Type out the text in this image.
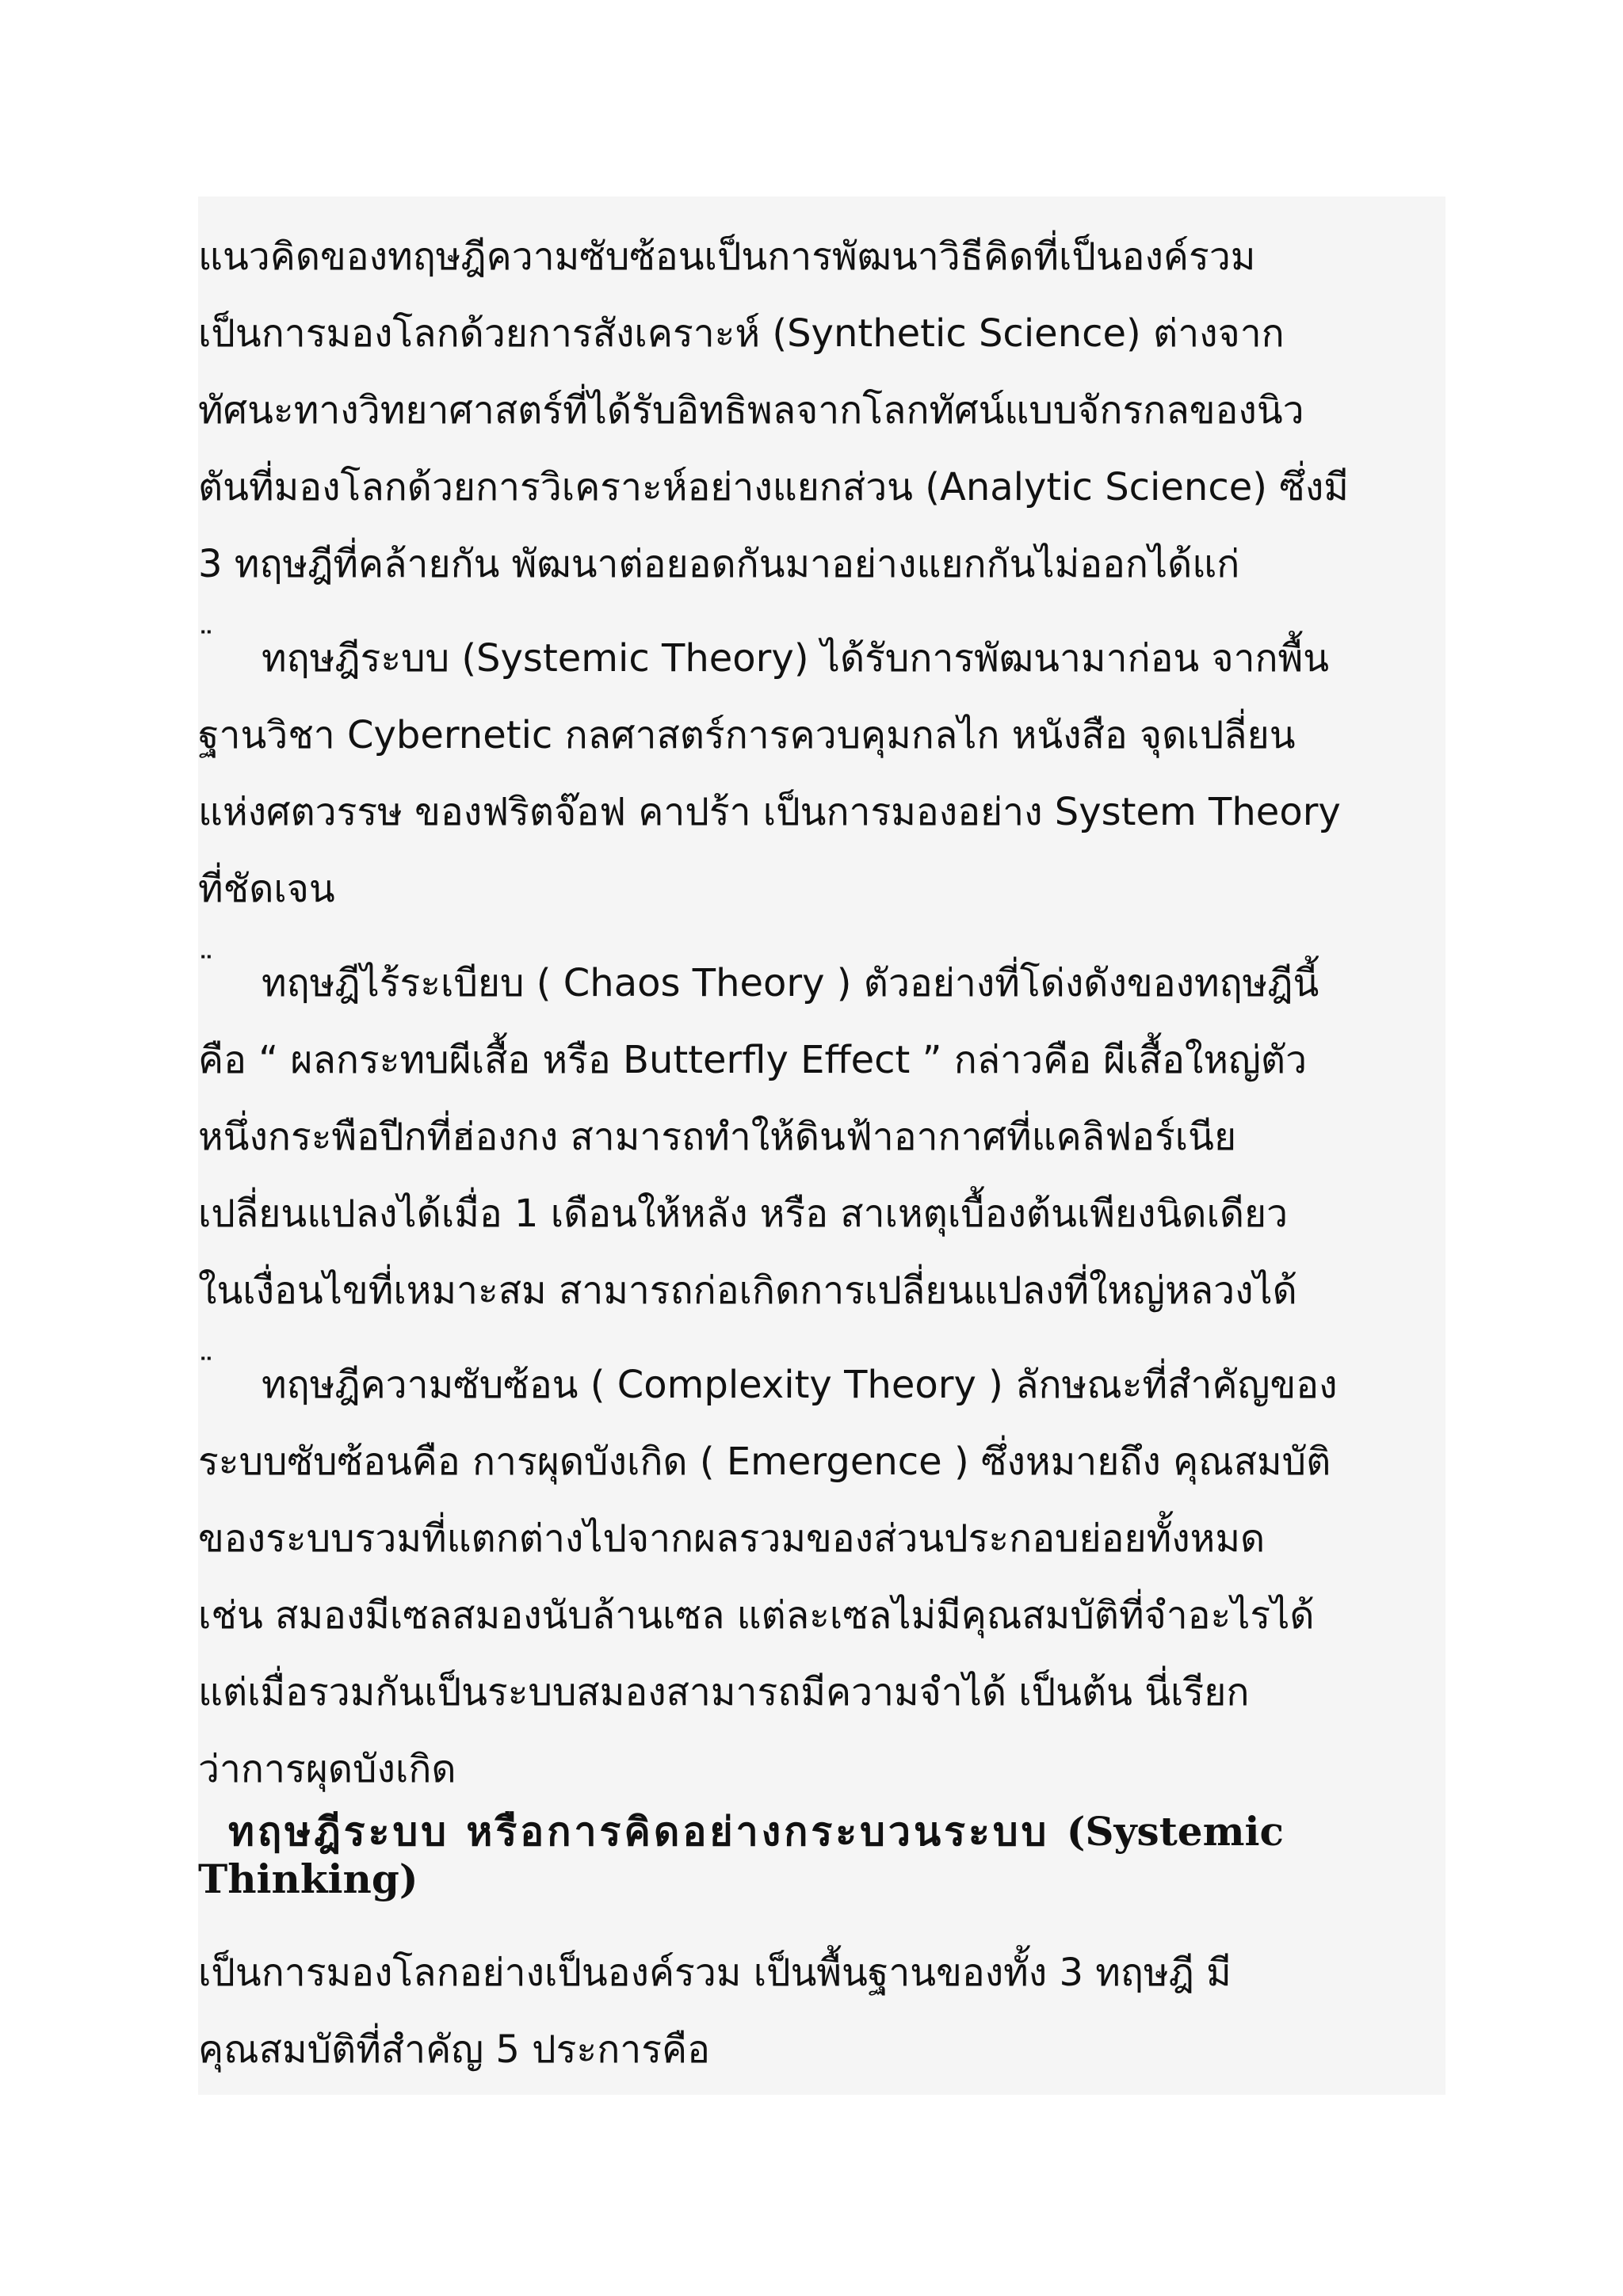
แนวคิดของทฤษฎีความซับซ้อนเป็นการพัฒนาวิธีคิดที่เป็นองค์รวม
เป็นการมองโลกด้วยการสังเคราะห์ (Synthetic Science) ต่างจาก
ทัศนะทางวิทยาศาสตร์ที่ได้รับอิทธิพลจากโลกทัศน์แบบจักรกลของนิว
ตันที่มองโลกด้วยการวิเคราะห์อย่างแยกส่วน (Analytic Science) ซึ่งมี
3 ทฤษฎีที่คล้ายกัน พัฒนาต่อยอดกันมาอย่างแยกกันไม่ออกได้แก่

¨ ทฤษฎีระบบ (Systemic Theory) ได้รับการพัฒนามาก่อน จากพื้น
ฐานวิชา Cybernetic กลศาสตร์การควบคุมกลไก หนังสือ จุดเปลี่ยน
แห่งศตวรรษ ของฟริตจ๊อฟ คาปร้า เป็นการมองอย่าง System Theory
ที่ชัดเจน

¨ ทฤษฎีไร้ระเบียบ ( Chaos Theory ) ตัวอย่างที่โด่งดังของทฤษฎีนี้
คือ “ ผลกระทบผีเสื้อ หรือ Butterfly Effect ” กล่าวคือ ผีเสื้อใหญ่ตัว
หนึ่งกระพือปีกที่ฮ่องกง สามารถทำให้ดินฟ้าอากาศที่แคลิฟอร์เนีย
เปลี่ยนแปลงได้เมื่อ 1 เดือนให้หลัง หรือ สาเหตุเบื้องต้นเพียงนิดเดียว
ในเงื่อนไขที่เหมาะสม สามารถก่อเกิดการเปลี่ยนแปลงที่ใหญ่หลวงได้

¨ ทฤษฎีความซับซ้อน ( Complexity Theory ) ลักษณะที่สำคัญของ
ระบบซับซ้อนคือ การผุดบังเกิด ( Emergence ) ซึ่งหมายถึง คุณสมบัติ
ของระบบรวมที่แตกต่างไปจากผลรวมของส่วนประกอบย่อยทั้งหมด
เช่น สมองมีเซลสมองนับล้านเซล แต่ละเซลไม่มีคุณสมบัติที่จำอะไรได้
แต่เมื่อรวมกันเป็นระบบสมองสามารถมีความจำได้ เป็นต้น นี่เรียก
ว่าการผุดบังเกิด

ทฤษฎีระบบ หรือการคิดอย่างกระบวนระบบ (Systemic
Thinking)

เป็นการมองโลกอย่างเป็นองค์รวม เป็นพื้นฐานของทั้ง 3 ทฤษฎี มี
คุณสมบัติที่สำคัญ 5 ประการคือ
